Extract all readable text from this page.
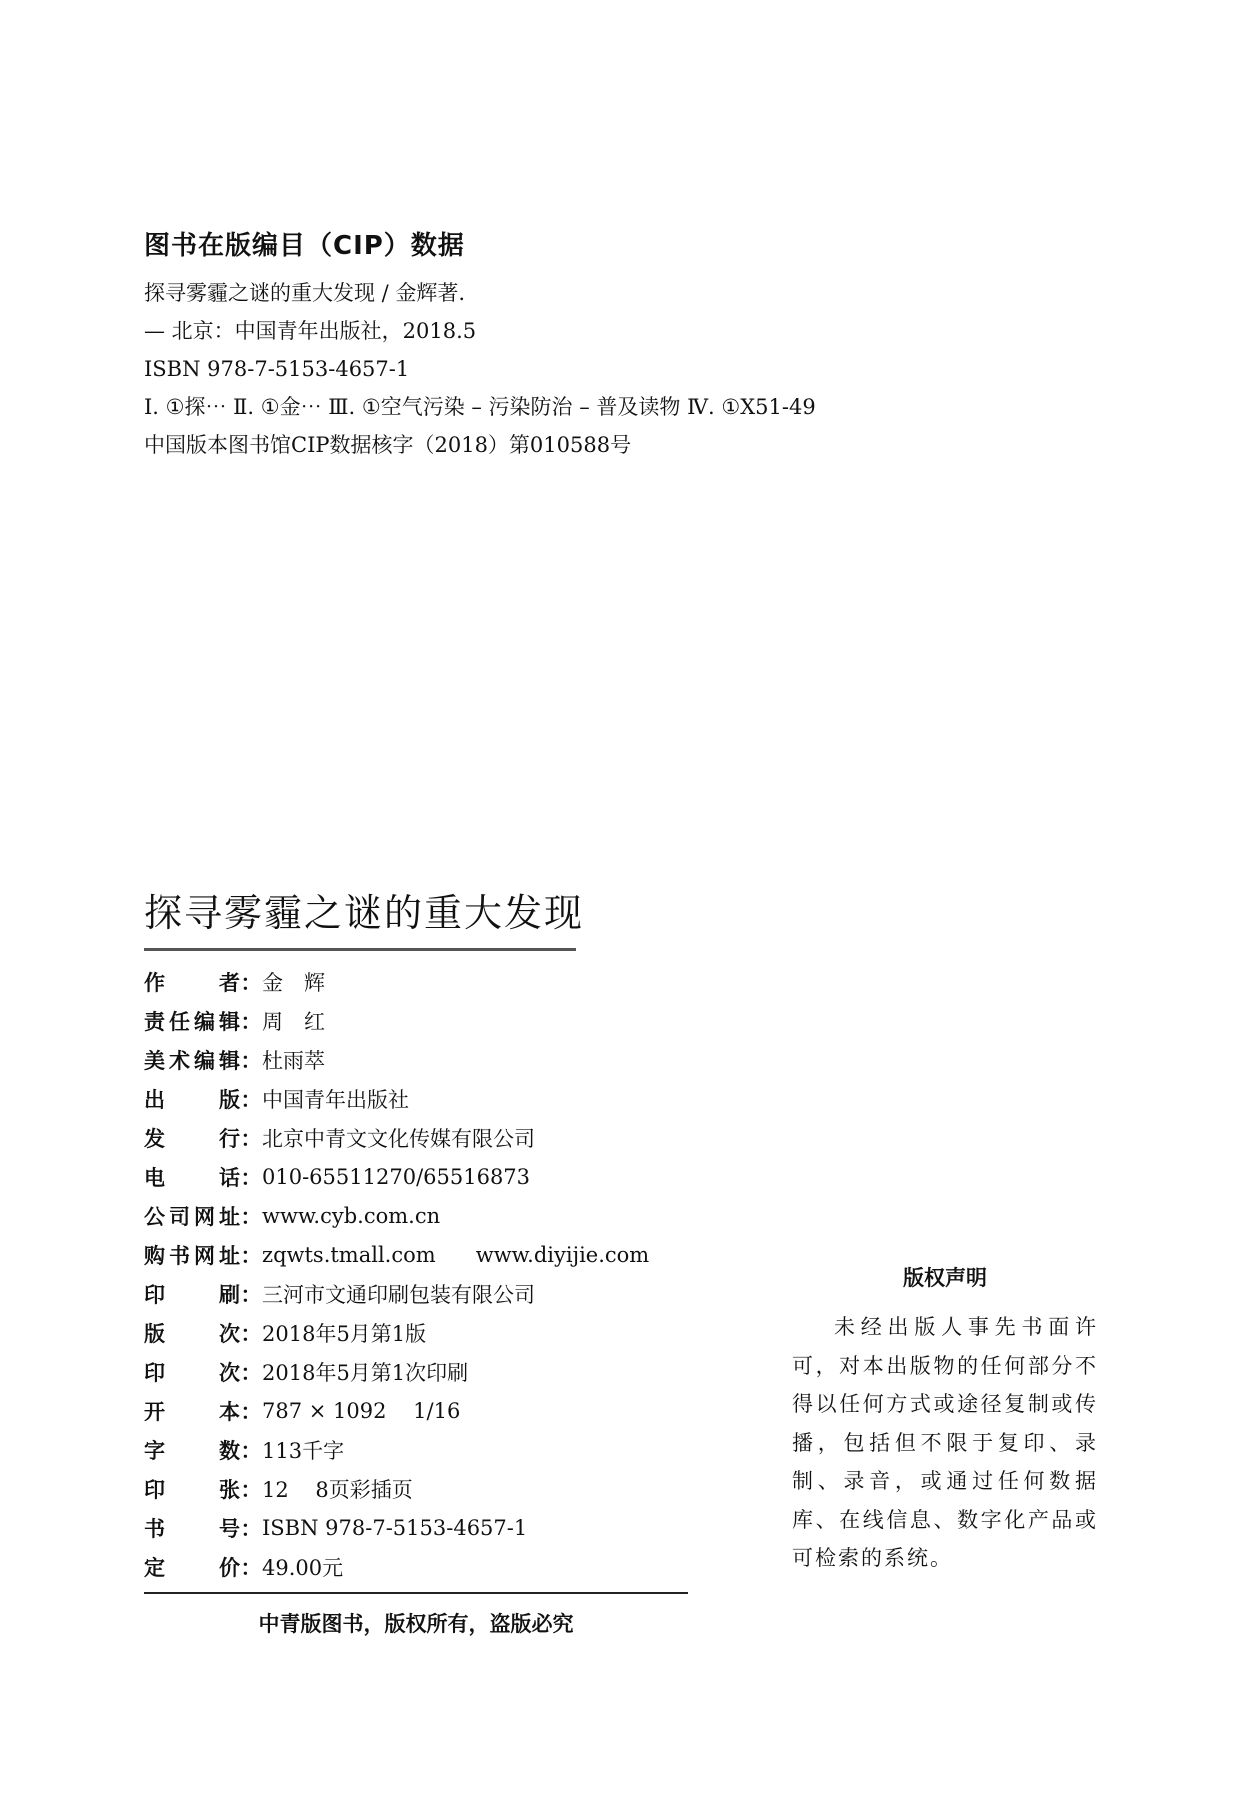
图书在版编目（CIP）数据
探寻雾霾之谜的重大发现 / 金辉著.
— 北京：中国青年出版社，2018.5
ISBN 978-7-5153-4657-1
Ⅰ. ①探⋯ Ⅱ. ①金⋯ Ⅲ. ①空气污染 – 污染防治 – 普及读物 Ⅳ. ①X51-49
中国版本图书馆CIP数据核字（2018）第010588号
探寻雾霾之谜的重大发现
作者 ： 金　辉
责任编辑 ： 周　红
美术编辑 ： 杜雨萃
出版 ： 中国青年出版社
发行 ： 北京中青文文化传媒有限公司
电话 ： 010-65511270/65516873
公司网址 ： www.cyb.com.cn
购书网址 ： zqwts.tmall.com      www.diyijie.com
印刷 ： 三河市文通印刷包装有限公司
版次 ： 2018年5月第1版
印次 ： 2018年5月第1次印刷
开本 ： 787 × 1092    1/16
字数 ： 113千字
印张 ： 12    8页彩插页
书号 ： ISBN 978-7-5153-4657-1
定价 ： 49.00元
中青版图书，版权所有，盗版必究
版权声明

未经出版人事先书面许可，对本出版物的任何部分不得以任何方式或途径复制或传播，包括但不限于复印、录制、录音，或通过任何数据库、在线信息、数字化产品或可检索的系统。
